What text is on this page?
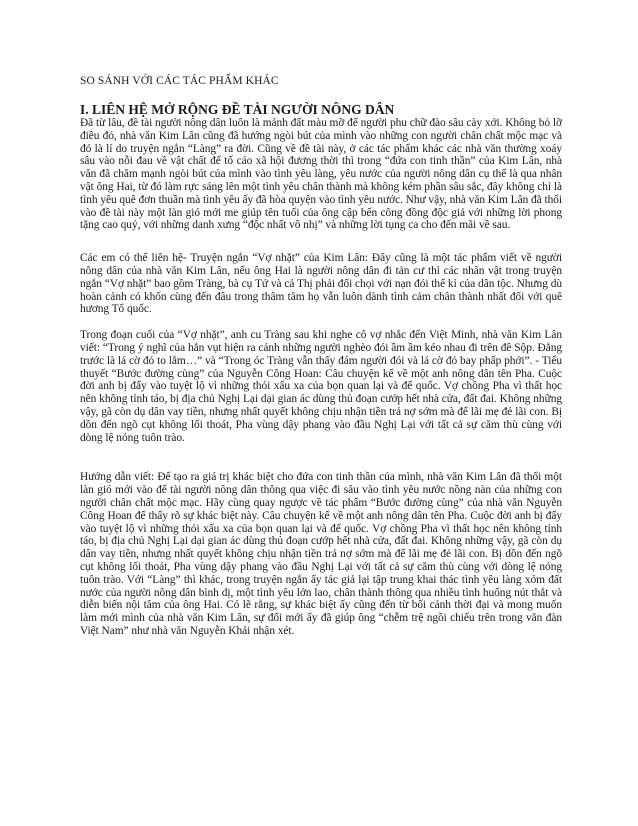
SO SÁNH VỚI CÁC TÁC PHẨM KHÁC

I. LIÊN HỆ MỞ RỘNG ĐỀ TÀI NGƯỜI NÔNG DÂN

Đã từ lâu, đề tài người nông dân luôn là mảnh đất màu mỡ để người phu chữ đào sâu cày xới. Không bỏ lỡ điều đó, nhà văn Kim Lân cũng đã hướng ngòi bút của mình vào những con người chân chất mộc mạc và đó là lí do truyện ngắn “Làng” ra đời. Cũng về đề tài này, ở các tác phẩm khác các nhà văn thường xoáy sâu vào nỗi đau về vật chất để tố cáo xã hội đương thời thì trong “đứa con tinh thần” của Kim Lân, nhà văn đã chăm mạnh ngòi bút của mình vào tình yêu làng, yêu nước của người nông dân cụ thể là qua nhân vật ông Hai, từ đó làm rực sáng lên một tình yêu chân thành mà không kém phần sâu sắc, đây không chỉ là tình yêu quê đơn thuần mà tình yêu ấy đã hòa quyện vào tình yêu nước. Như vậy, nhà văn Kim Lân đã thổi vào đề tài này một làn gió mới me giúp tên tuổi của ông cập bến công đồng độc giả với những lời phong tặng cao quý, với những danh xưng “độc nhất vô nhị” và những lời tụng ca cho đến mãi về sau.

Các em có thể liên hệ- Truyện ngắn “Vợ nhặt” của Kim Lân: Đây cũng là một tác phẩm viết về người nông dân của nhà văn Kim Lân, nếu ông Hai là người nông dân đi tản cư thì các nhân vật trong truyện ngắn “Vợ nhặt” bao gồm Tràng, bà cụ Tứ và cả Thị phải đối chọi với nạn đói thế kỉ của dân tộc. Nhưng dù hoàn cảnh có khốn cùng đến đâu trong thâm tâm họ vẫn luôn dành tình cảm chân thành nhất đối với quê hương Tổ quốc.

Trong đoạn cuối của “Vợ nhặt”, anh cu Tràng sau khi nghe cô vợ nhắc đến Việt Minh, nhà văn Kim Lân viết: “Trong ý nghĩ của hắn vụt hiện ra cảnh những người nghèo đói ầm ầm kéo nhau đi trên đê Sộp. Đằng trước là lá cờ đỏ to lắm…” và “Trong óc Tràng vẫn thấy đám người đói và lá cờ đỏ bay phấp phới”. - Tiểu thuyết “Bước đường cùng” của Nguyễn Công Hoan: Câu chuyện kể về một anh nông dân tên Pha. Cuộc đời anh bị đẩy vào tuyệt lộ vì những thói xấu xa của bọn quan lại và để quốc. Vợ chồng Pha vì thất học nên không tỉnh táo, bị địa chủ Nghị Lại dại gian ác dùng thủ đoạn cướp hết nhà cửa, đất đai. Không những vậy, gã còn dụ dân vay tiền, nhưng nhất quyết không chịu nhận tiền trả nợ sớm mà để lãi mẹ đẻ lãi con. Bị dồn đến ngõ cụt không lối thoát, Pha vùng dậy phang vào đầu Nghị Lại với tất cả sự căm thù cùng với dòng lệ nóng tuôn trào.

Hướng dẫn viết: Để tạo ra giá trị khác biệt cho đứa con tinh thần của mình, nhà văn Kim Lân đã thổi một làn gió mới vào để tài người nông dân thông qua việc đi sâu vào tình yêu nước nồng nàn của những con người chân chất mộc mạc. Hãy cùng quay ngược về tác phẩm “Bước đường cùng” của nhà văn Nguyễn Công Hoan để thấy rõ sự khác biệt này. Câu chuyện kể về một anh nông dân tên Pha. Cuộc đời anh bị đẩy vào tuyệt lộ vì những thói xấu xa của bọn quan lại và để quốc. Vợ chồng Pha vì thất học nên không tỉnh táo, bị địa chủ Nghị Lại dại gian ác dùng thủ đoạn cướp hết nhà cửa, đất đai. Không những vậy, gã còn dụ dân vay tiền, nhưng nhất quyết không chịu nhận tiền trả nợ sớm mà để lãi mẹ đẻ lãi con. Bị dồn đến ngõ cụt không lối thoát, Pha vùng dậy phang vào đầu Nghị Lại với tất cả sự căm thù cùng với dòng lệ nóng tuôn trào. Với “Làng” thì khác, trong truyện ngắn ấy tác giả lại tập trung khai thác tình yêu làng xóm đất nước của người nông dân bình dị, một tình yêu lớn lao, chân thành thông qua nhiều tình huống nút thắt và diễn biến nội tâm của ông Hai. Có lẽ rằng, sự khác biệt ấy cũng đến từ bối cảnh thời đại và mong muốn làm mới mình của nhà văn Kim Lân, sự đổi mới ấy đã giúp ông “chễm trệ ngồi chiếu trên trong văn đàn Việt Nam” như nhà văn Nguyễn Khải nhận xét.
